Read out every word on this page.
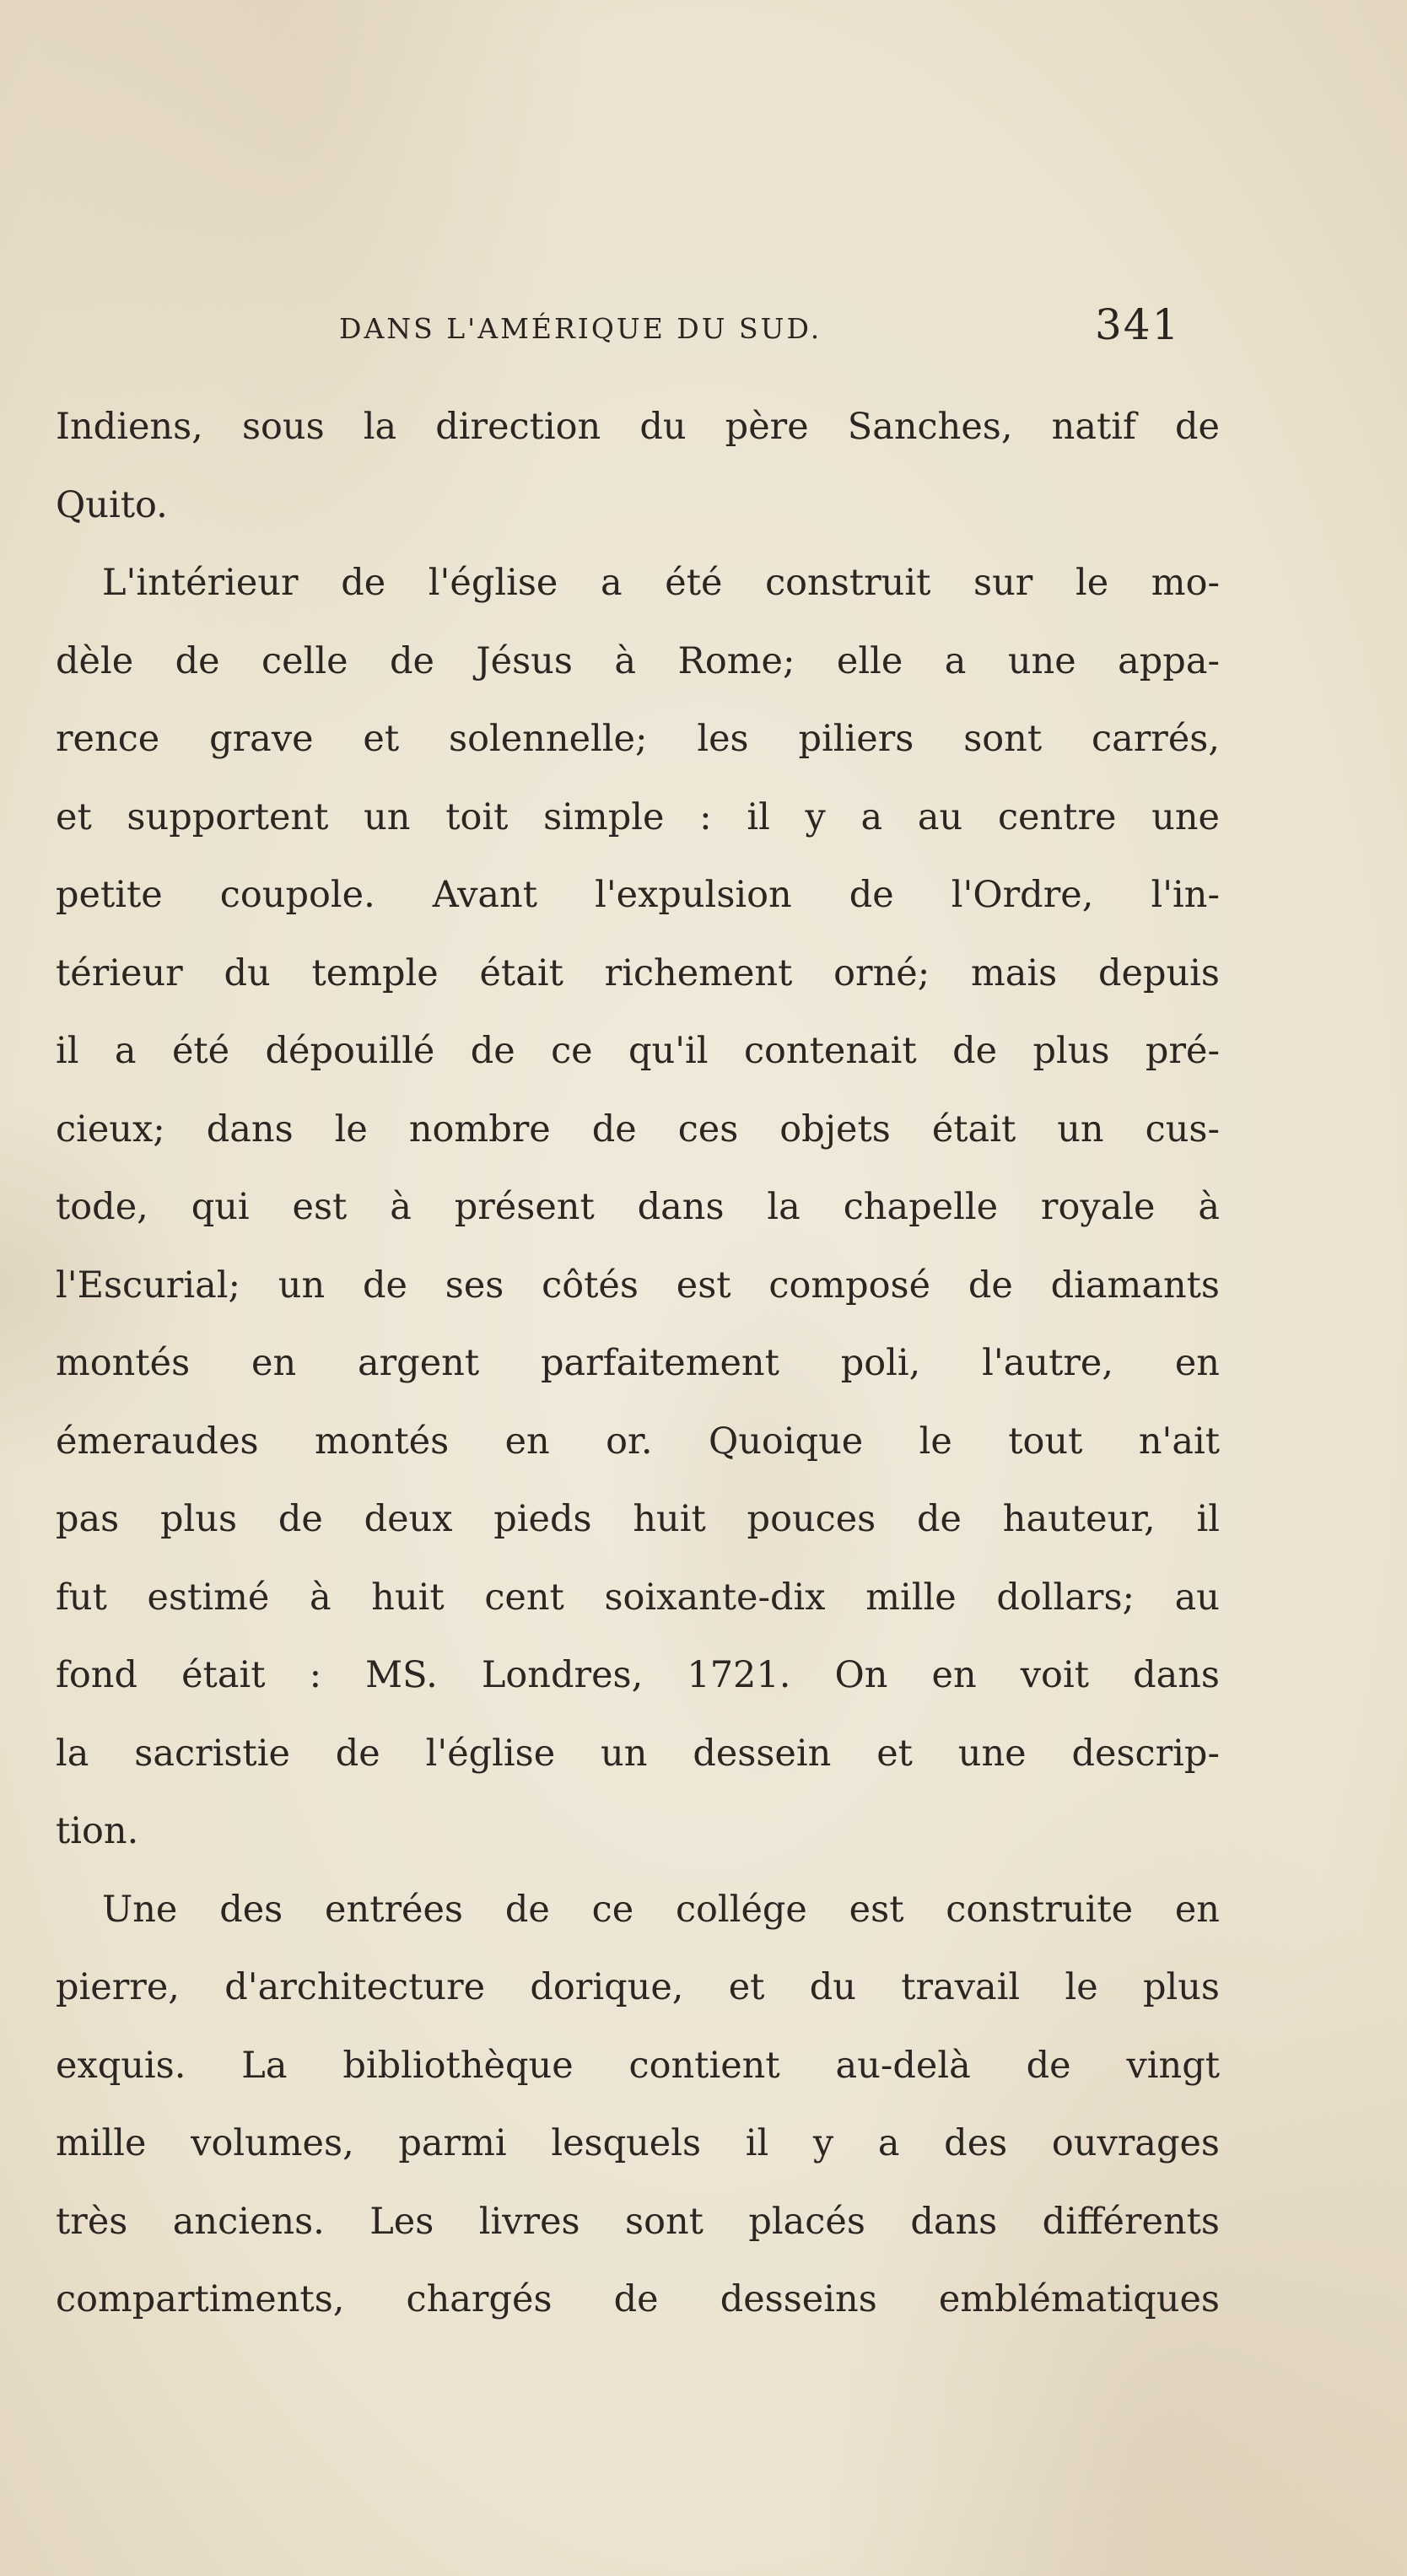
DANS L'AMÉRIQUE DU SUD.	341
Indiens, sous la direction du père Sanches, natif de
Quito.
L'intérieur de l'église a été construit sur le mo-
dèle de celle de Jésus à Rome; elle a une appa-
rence grave et solennelle; les piliers sont carrés,
et supportent un toit simple : il y a au centre une
petite coupole. Avant l'expulsion de l'Ordre, l'in-
térieur du temple était richement orné; mais depuis
il a été dépouillé de ce qu'il contenait de plus pré-
cieux; dans le nombre de ces objets était un cus-
tode, qui est à présent dans la chapelle royale à
l'Escurial; un de ses côtés est composé de diamants
montés en argent parfaitement poli, l'autre, en
émeraudes montés en or. Quoique le tout n'ait
pas plus de deux pieds huit pouces de hauteur, il
fut estimé à huit cent soixante-dix mille dollars; au
fond était : MS. Londres, 1721. On en voit dans
la sacristie de l'église un dessein et une descrip-
tion.
Une des entrées de ce collége est construite en
pierre, d'architecture dorique, et du travail le plus
exquis. La bibliothèque contient au-delà de vingt
mille volumes, parmi lesquels il y a des ouvrages
très anciens. Les livres sont placés dans différents
compartiments, chargés de desseins emblématiques
